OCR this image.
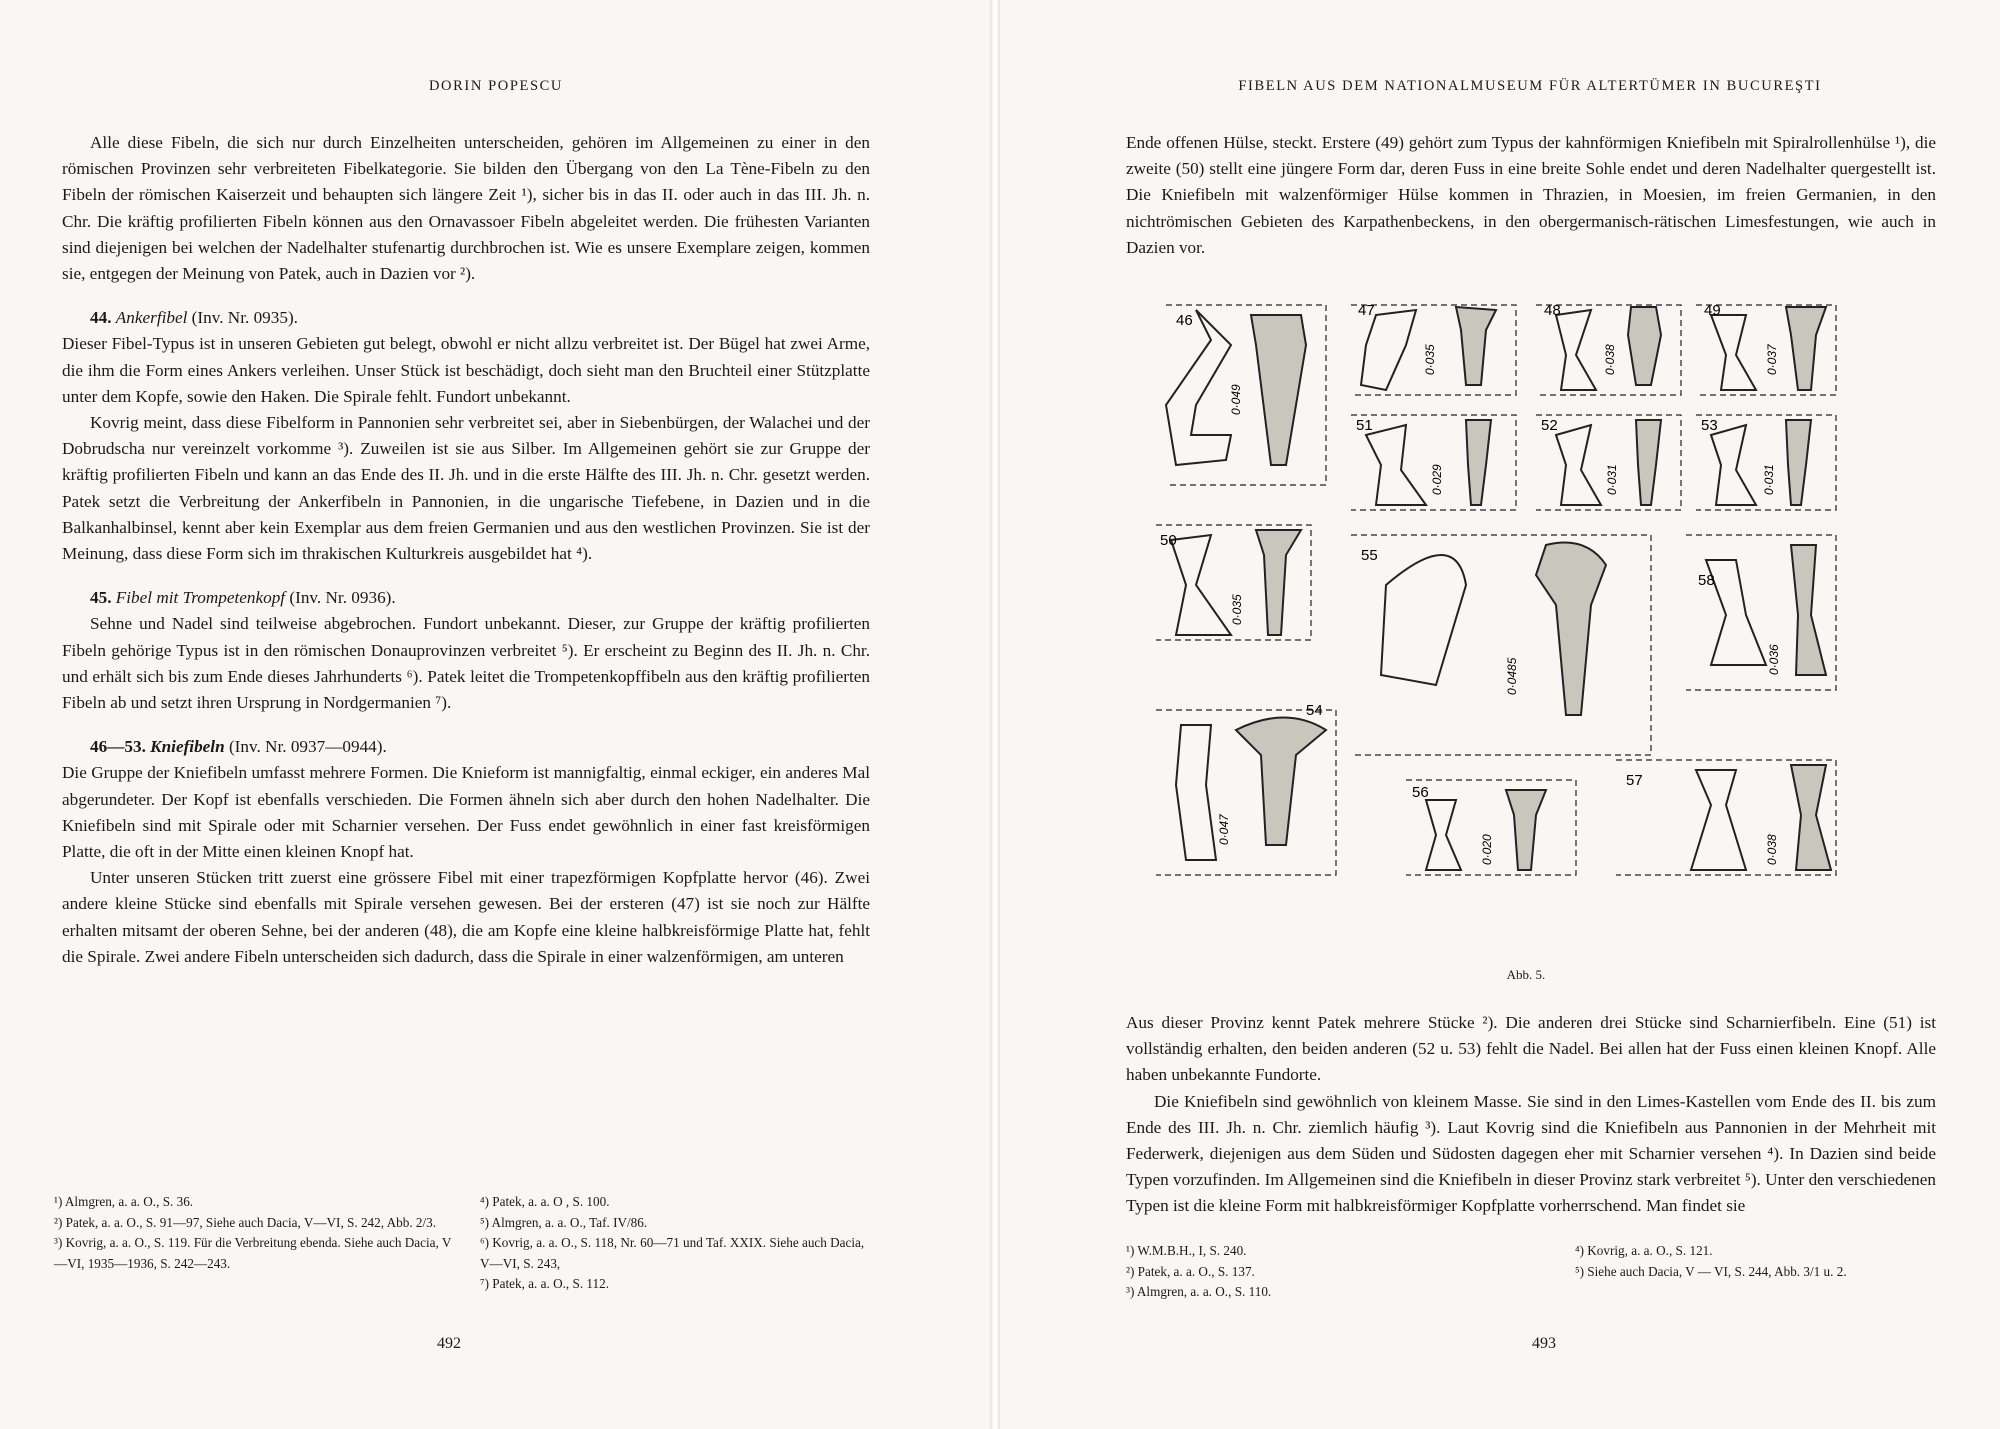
DORIN POPESCU

Alle diese Fibeln, die sich nur durch Einzelheiten unterscheiden, gehören im Allgemeinen zu einer in den römischen Provinzen sehr verbreiteten Fibelkategorie. Sie bilden den Übergang von den La Tène-Fibeln zu den Fibeln der römischen Kaiserzeit und behaupten sich längere Zeit ¹), sicher bis in das II. oder auch in das III. Jh. n. Chr. Die kräftig profilierten Fibeln können aus den Ornavassoer Fibeln abgeleitet werden. Die frühesten Varianten sind diejenigen bei welchen der Nadelhalter stufenartig durchbrochen ist. Wie es unsere Exemplare zeigen, kommen sie, entgegen der Meinung von Patek, auch in Dazien vor ²).

44. Ankerfibel (Inv. Nr. 0935).

Dieser Fibel-Typus ist in unseren Gebieten gut belegt, obwohl er nicht allzu verbreitet ist. Der Bügel hat zwei Arme, die ihm die Form eines Ankers verleihen. Unser Stück ist beschädigt, doch sieht man den Bruchteil einer Stützplatte unter dem Kopfe, sowie den Haken. Die Spirale fehlt. Fundort unbekannt.

Kovrig meint, dass diese Fibelform in Pannonien sehr verbreitet sei, aber in Siebenbürgen, der Walachei und der Dobrudscha nur vereinzelt vorkomme ³). Zuweilen ist sie aus Silber. Im Allgemeinen gehört sie zur Gruppe der kräftig profilierten Fibeln und kann an das Ende des II. Jh. und in die erste Hälfte des III. Jh. n. Chr. gesetzt werden. Patek setzt die Verbreitung der Ankerfibeln in Pannonien, in die ungarische Tiefebene, in Dazien und in die Balkanhalbinsel, kennt aber kein Exemplar aus dem freien Germanien und aus den westlichen Provinzen. Sie ist der Meinung, dass diese Form sich im thrakischen Kulturkreis ausgebildet hat ⁴).

45. Fibel mit Trompetenkopf (Inv. Nr. 0936).

Sehne und Nadel sind teilweise abgebrochen. Fundort unbekannt. Dieser, zur Gruppe der kräftig profilierten Fibeln gehörige Typus ist in den römischen Donauprovinzen verbreitet ⁵). Er erscheint zu Beginn des II. Jh. n. Chr. und erhält sich bis zum Ende dieses Jahrhunderts ⁶). Patek leitet die Trompetenkopffibeln aus den kräftig profilierten Fibeln ab und setzt ihren Ursprung in Nordgermanien ⁷).

46—53. Kniefibeln (Inv. Nr. 0937—0944).

Die Gruppe der Kniefibeln umfasst mehrere Formen. Die Knieform ist mannigfaltig, einmal eckiger, ein anderes Mal abgerundeter. Der Kopf ist ebenfalls verschieden. Die Formen ähneln sich aber durch den hohen Nadelhalter. Die Kniefibeln sind mit Spirale oder mit Scharnier versehen. Der Fuss endet gewöhnlich in einer fast kreisförmigen Platte, die oft in der Mitte einen kleinen Knopf hat.

Unter unseren Stücken tritt zuerst eine grössere Fibel mit einer trapezförmigen Kopfplatte hervor (46). Zwei andere kleine Stücke sind ebenfalls mit Spirale versehen gewesen. Bei der ersteren (47) ist sie noch zur Hälfte erhalten mitsamt der oberen Sehne, bei der anderen (48), die am Kopfe eine kleine halbkreisförmige Platte hat, fehlt die Spirale. Zwei andere Fibeln unterscheiden sich dadurch, dass die Spirale in einer walzenförmigen, am unteren

¹) Almgren, a. a. O., S. 36.

²) Patek, a. a. O., S. 91—97, Siehe auch Dacia, V—VI, S. 242, Abb. 2/3.

³) Kovrig, a. a. O., S. 119. Für die Verbreitung ebenda. Siehe auch Dacia, V—VI, 1935—1936, S. 242—243.

⁴) Patek, a. a. O , S. 100.

⁵) Almgren, a. a. O., Taf. IV/86.

⁶) Kovrig, a. a. O., S. 118, Nr. 60—71 und Taf. XXIX. Siehe auch Dacia, V—VI, S. 243,

⁷) Patek, a. a. O., S. 112.

492
FIBELN AUS DEM NATIONALMUSEUM FÜR ALTERTÜMER IN BUCUREŞTI

Ende offenen Hülse, steckt. Erstere (49) gehört zum Typus der kahnförmigen Kniefibeln mit Spiralrollenhülse ¹), die zweite (50) stellt eine jüngere Form dar, deren Fuss in eine breite Sohle endet und deren Nadelhalter quergestellt ist. Die Kniefibeln mit walzenförmiger Hülse kommen in Thrazien, in Moesien, im freien Germanien, in den nichtrömischen Gebieten des Karpathenbeckens, in den obergermanisch-rätischen Limesfestungen, wie auch in Dazien vor.

46
0·049
47
0·035
48
0·038
49
0·037
51
0·029
52
0·031
53
0·031
50
0·035
55
0·0485
58
0·036
54
0·047
56
0·020
57
0·038
Abb. 5.

Aus dieser Provinz kennt Patek mehrere Stücke ²). Die anderen drei Stücke sind Scharnierfibeln. Eine (51) ist vollständig erhalten, den beiden anderen (52 u. 53) fehlt die Nadel. Bei allen hat der Fuss einen kleinen Knopf. Alle haben unbekannte Fundorte.

Die Kniefibeln sind gewöhnlich von kleinem Masse. Sie sind in den Limes-Kastellen vom Ende des II. bis zum Ende des III. Jh. n. Chr. ziemlich häufig ³). Laut Kovrig sind die Kniefibeln aus Pannonien in der Mehrheit mit Federwerk, diejenigen aus dem Süden und Südosten dagegen eher mit Scharnier versehen ⁴). In Dazien sind beide Typen vorzufinden. Im Allgemeinen sind die Kniefibeln in dieser Provinz stark verbreitet ⁵). Unter den verschiedenen Typen ist die kleine Form mit halbkreisförmiger Kopfplatte vorherrschend. Man findet sie

¹) W.M.B.H., I, S. 240.

²) Patek, a. a. O., S. 137.

³) Almgren, a. a. O., S. 110.

⁴) Kovrig, a. a. O., S. 121.

⁵) Siehe auch Dacia, V — VI, S. 244, Abb. 3/1 u. 2.

493
